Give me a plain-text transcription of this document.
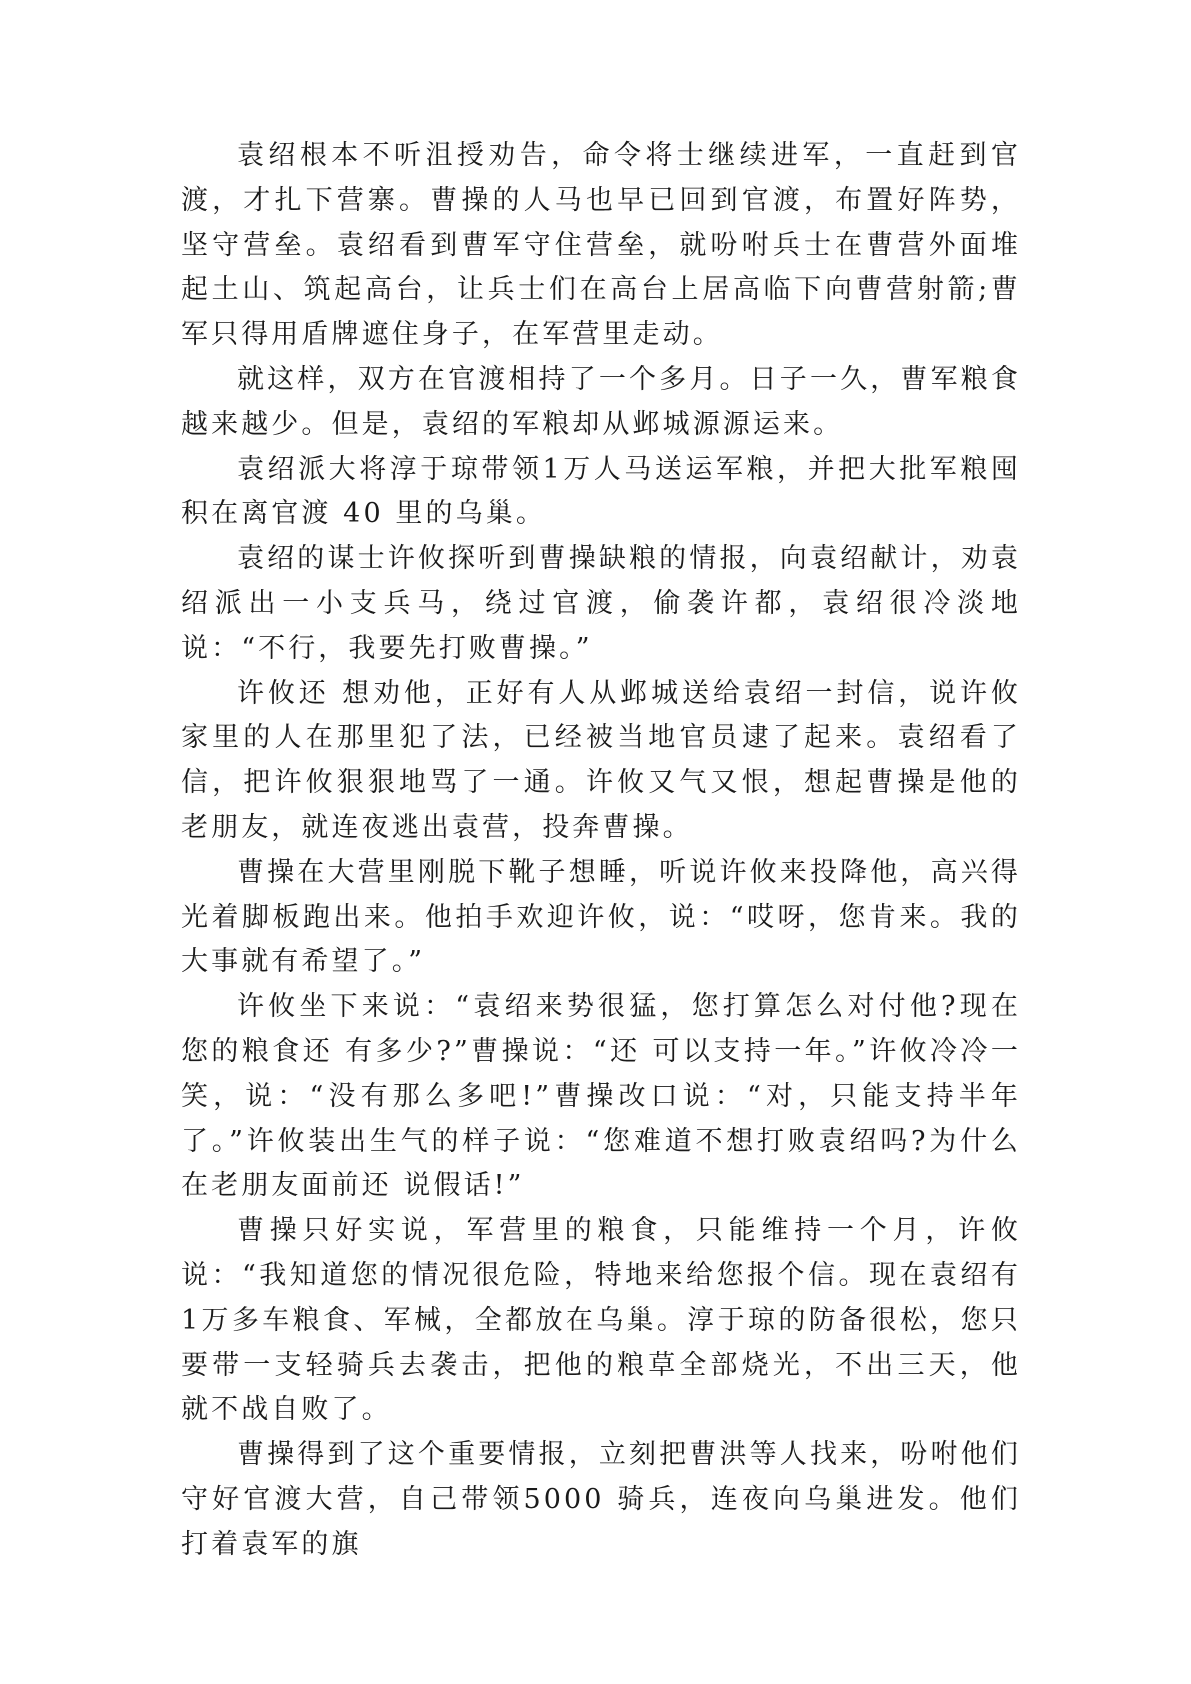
袁绍根本不听沮授劝告，命令将士继续进军，一直赶到官渡，才扎下营寨。曹操的人马也早已回到官渡，布置好阵势，坚守营垒。袁绍看到曹军守住营垒，就吩咐兵士在曹营外面堆起土山、筑起高台，让兵士们在高台上居高临下向曹营射箭;曹军只得用盾牌遮住身子，在军营里走动。

就这样，双方在官渡相持了一个多月。日子一久，曹军粮食越来越少。但是，袁绍的军粮却从邺城源源运来。

袁绍派大将淳于琼带领1万人马送运军粮，并把大批军粮囤积在离官渡 40 里的乌巢。

袁绍的谋士许攸探听到曹操缺粮的情报，向袁绍献计，劝袁绍派出一小支兵马，绕过官渡，偷袭许都，袁绍很冷淡地说：“不行，我要先打败曹操。”

许攸还 想劝他，正好有人从邺城送给袁绍一封信，说许攸家里的人在那里犯了法，已经被当地官员逮了起来。袁绍看了信，把许攸狠狠地骂了一通。许攸又气又恨，想起曹操是他的老朋友，就连夜逃出袁营，投奔曹操。

曹操在大营里刚脱下靴子想睡，听说许攸来投降他，高兴得光着脚板跑出来。他拍手欢迎许攸，说：“哎呀，您肯来。我的大事就有希望了。”

许攸坐下来说：“袁绍来势很猛，您打算怎么对付他?现在您的粮食还 有多少?”曹操说：“还 可以支持一年。”许攸冷冷一笑，说：“没有那么多吧!”曹操改口说：“对，只能支持半年了。”许攸装出生气的样子说：“您难道不想打败袁绍吗?为什么在老朋友面前还 说假话!”

曹操只好实说，军营里的粮食，只能维持一个月，许攸说：“我知道您的情况很危险，特地来给您报个信。现在袁绍有1万多车粮食、军械，全都放在乌巢。淳于琼的防备很松，您只要带一支轻骑兵去袭击，把他的粮草全部烧光，不出三天，他就不战自败了。

曹操得到了这个重要情报，立刻把曹洪等人找来，吩咐他们守好官渡大营，自己带领5000 骑兵，连夜向乌巢进发。他们打着袁军的旗
